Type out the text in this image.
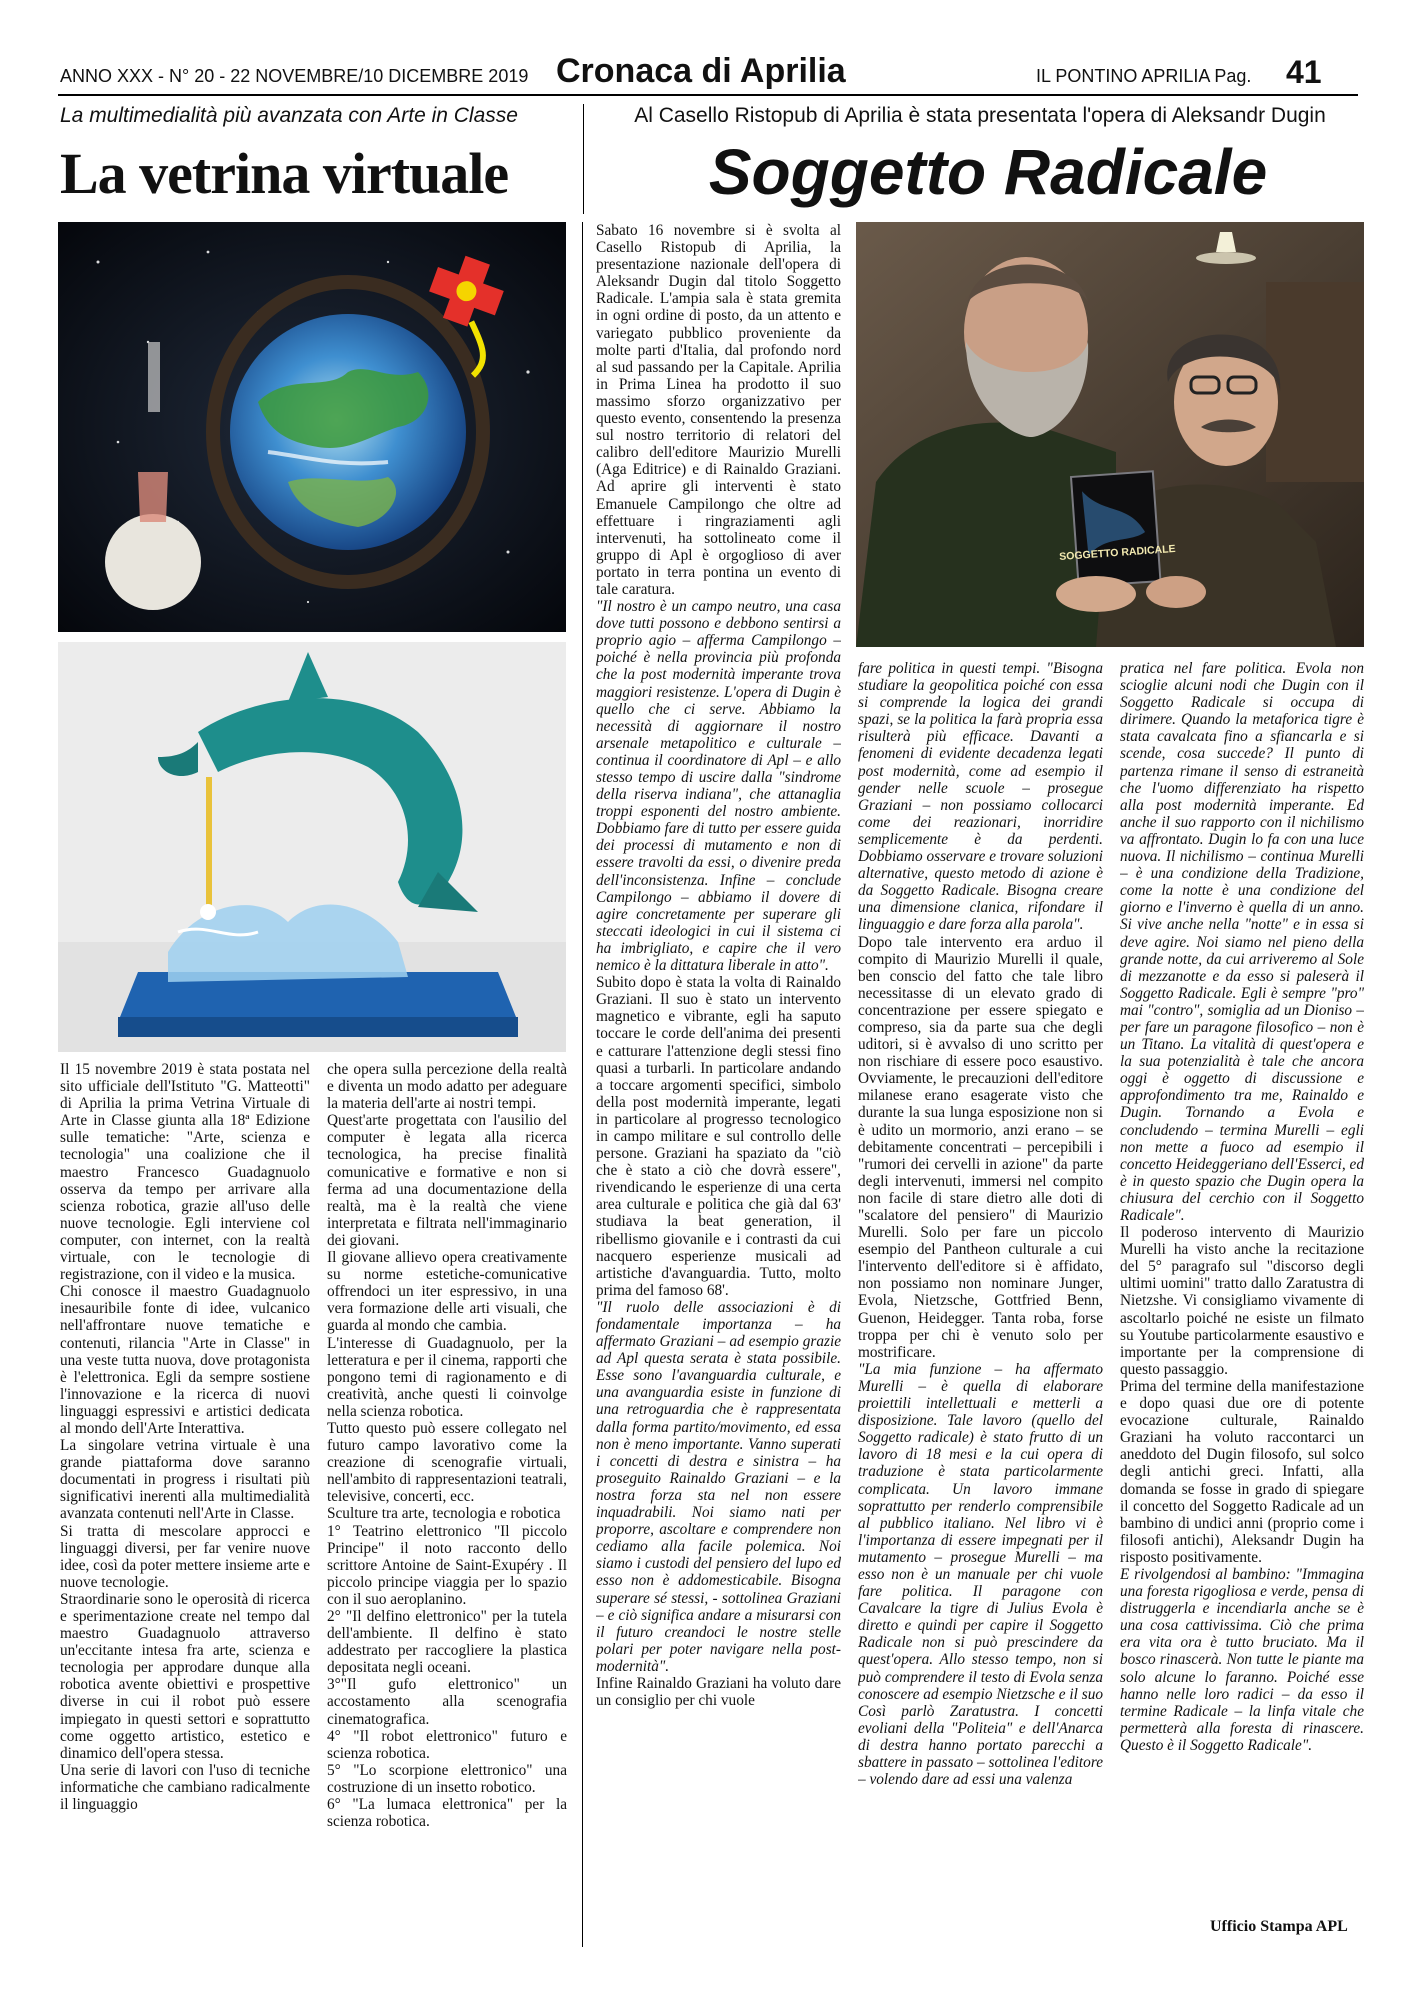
ANNO XXX - N° 20 - 22 NOVEMBRE/10 DICEMBRE 2019 Cronaca di Aprilia	IL PONTINO APRILIA Pag. 41
La multimedialità più avanzata con Arte in Classe	Al Casello Ristopub di Aprilia è stata presentata l'opera di Aleksandr Dugin
La vetrina virtuale	Soggetto Radicale
SOGGETTO RADICALE

Il 15 novembre 2019 è stata postata nel sito ufficiale dell'Istituto "G. Matteotti" di Aprilia la prima Vetrina Virtuale di Arte in Classe giunta alla 18ª Edizione sulle tematiche: "Arte, scienza e tecnologia" una coalizione che il maestro Francesco Guadagnuolo osserva da tempo per arrivare alla scienza robotica, grazie all'uso delle nuove tecnologie. Egli interviene col computer, con internet, con la realtà virtuale, con le tecnologie di registrazione, con il video e la musica.

Chi conosce il maestro Guadagnuolo inesauribile fonte di idee, vulcanico nell'affrontare nuove tematiche e contenuti, rilancia "Arte in Classe" in una veste tutta nuova, dove protagonista è l'elettronica. Egli da sempre sostiene l'innovazione e la ricerca di nuovi linguaggi espressivi e artistici dedicata al mondo dell'Arte Interattiva.

La singolare vetrina virtuale è una grande piattaforma dove saranno documentati in progress i risultati più significativi inerenti alla multimedialità avanzata contenuti nell'Arte in Classe.

Si tratta di mescolare approcci e linguaggi diversi, per far venire nuove idee, così da poter mettere insieme arte e nuove tecnologie.

Straordinarie sono le operosità di ricerca e sperimentazione create nel tempo dal maestro Guadagnuolo attraverso un'eccitante intesa fra arte, scienza e tecnologia per approdare dunque alla robotica avente obiettivi e prospettive diverse in cui il robot può essere impiegato in questi settori e soprattutto come oggetto artistico, estetico e dinamico dell'opera stessa.

Una serie di lavori con l'uso di tecniche informatiche che cambiano radicalmente il linguaggio

che opera sulla percezione della realtà e diventa un modo adatto per adeguare la materia dell'arte ai nostri tempi.

Quest'arte progettata con l'ausilio del computer è legata alla ricerca tecnologica, ha precise finalità comunicative e formative e non si ferma ad una documentazione della realtà, ma è la realtà che viene interpretata e filtrata nell'immaginario dei giovani.

Il giovane allievo opera creativamente su norme estetiche-comunicative offrendoci un iter espressivo, in una vera formazione delle arti visuali, che guarda al mondo che cambia.

L'interesse di Guadagnuolo, per la letteratura e per il cinema, rapporti che pongono temi di ragionamento e di creatività, anche questi li coinvolge nella scienza robotica.

Tutto questo può essere collegato nel futuro campo lavorativo come la creazione di scenografie virtuali, nell'ambito di rappresentazioni teatrali, televisive, concerti, ecc.

Sculture tra arte, tecnologia e robotica

1° Teatrino elettronico "Il piccolo Principe" il noto racconto dello scrittore Antoine de Saint-Exupéry . Il piccolo principe viaggia per lo spazio con il suo aeroplanino.

2° "Il delfino elettronico" per la tutela dell'ambiente. Il delfino è stato addestrato per raccogliere la plastica depositata negli oceani.

3°"Il gufo elettronico" un accostamento alla scenografia cinematografica.

4° "Il robot elettronico" futuro e scienza robotica.

5° "Lo scorpione elettronico" una costruzione di un insetto robotico.

6° "La lumaca elettronica" per la scienza robotica.

Sabato 16 novembre si è svolta al Casello Ristopub di Aprilia, la presentazione nazionale dell'opera di Aleksandr Dugin dal titolo Soggetto Radicale. L'ampia sala è stata gremita in ogni ordine di posto, da un attento e variegato pubblico proveniente da molte parti d'Italia, dal profondo nord al sud passando per la Capitale. Aprilia in Prima Linea ha prodotto il suo massimo sforzo organizzativo per questo evento, consentendo la presenza sul nostro territorio di relatori del calibro dell'editore Maurizio Murelli (Aga Editrice) e di Rainaldo Graziani. Ad aprire gli interventi è stato Emanuele Campilongo che oltre ad effettuare i ringraziamenti agli intervenuti, ha sottolineato come il gruppo di Apl è orgoglioso di aver portato in terra pontina un evento di tale caratura.

"Il nostro è un campo neutro, una casa dove tutti possono e debbono sentirsi a proprio agio – afferma Campilongo – poiché è nella provincia più profonda che la post modernità imperante trova maggiori resistenze. L'opera di Dugin è quello che ci serve. Abbiamo la necessità di aggiornare il nostro arsenale metapolitico e culturale – continua il coordinatore di Apl – e allo stesso tempo di uscire dalla "sindrome della riserva indiana", che attanaglia troppi esponenti del nostro ambiente. Dobbiamo fare di tutto per essere guida dei processi di mutamento e non di essere travolti da essi, o divenire preda dell'inconsistenza. Infine – conclude Campilongo – abbiamo il dovere di agire concretamente per superare gli steccati ideologici in cui il sistema ci ha imbrigliato, e capire che il vero nemico è la dittatura liberale in atto".

Subito dopo è stata la volta di Rainaldo Graziani. Il suo è stato un intervento magnetico e vibrante, egli ha saputo toccare le corde dell'anima dei presenti e catturare l'attenzione degli stessi fino quasi a turbarli. In particolare andando a toccare argomenti specifici, simbolo della post modernità imperante, legati in particolare al progresso tecnologico in campo militare e sul controllo delle persone. Graziani ha spaziato da "ciò che è stato a ciò che dovrà essere", rivendicando le esperienze di una certa area culturale e politica che già dal 63' studiava la beat generation, il ribellismo giovanile e i contrasti da cui nacquero esperienze musicali ad artistiche d'avanguardia. Tutto, molto prima del famoso 68'.

"Il ruolo delle associazioni è di fondamentale importanza – ha affermato Graziani – ad esempio grazie ad Apl questa serata è stata possibile. Esse sono l'avanguardia culturale, e una avanguardia esiste in funzione di una retroguardia che è rappresentata dalla forma partito/movimento, ed essa non è meno importante. Vanno superati i concetti di destra e sinistra – ha proseguito Rainaldo Graziani – e la nostra forza sta nel non essere inquadrabili. Noi siamo nati per proporre, ascoltare e comprendere non cediamo alla facile polemica. Noi siamo i custodi del pensiero del lupo ed esso non è addomesticabile. Bisogna superare sé stessi, - sottolinea Graziani – e ciò significa andare a misurarsi con il futuro creandoci le nostre stelle polari per poter navigare nella post-modernità".

Infine Rainaldo Graziani ha voluto dare un consiglio per chi vuole

fare politica in questi tempi. "Bisogna studiare la geopolitica poiché con essa si comprende la logica dei grandi spazi, se la politica la farà propria essa risulterà più efficace. Davanti a fenomeni di evidente decadenza legati post modernità, come ad esempio il gender nelle scuole – prosegue Graziani – non possiamo collocarci come dei reazionari, inorridire semplicemente è da perdenti. Dobbiamo osservare e trovare soluzioni alternative, questo metodo di azione è da Soggetto Radicale. Bisogna creare una dimensione clanica, rifondare il linguaggio e dare forza alla parola".

Dopo tale intervento era arduo il compito di Maurizio Murelli il quale, ben conscio del fatto che tale libro necessitasse di un elevato grado di concentrazione per essere spiegato e compreso, sia da parte sua che degli uditori, si è avvalso di uno scritto per non rischiare di essere poco esaustivo. Ovviamente, le precauzioni dell'editore milanese erano esagerate visto che durante la sua lunga esposizione non si è udito un mormorio, anzi erano – se debitamente concentrati – percepibili i "rumori dei cervelli in azione" da parte degli intervenuti, immersi nel compito non facile di stare dietro alle doti di "scalatore del pensiero" di Maurizio Murelli. Solo per fare un piccolo esempio del Pantheon culturale a cui l'intervento dell'editore si è affidato, non possiamo non nominare Junger, Evola, Nietzsche, Gottfried Benn, Guenon, Heidegger. Tanta roba, forse troppa per chi è venuto solo per mostrificare.

"La mia funzione – ha affermato Murelli – è quella di elaborare proiettili intellettuali e metterli a disposizione. Tale lavoro (quello del Soggetto radicale) è stato frutto di un lavoro di 18 mesi e la cui opera di traduzione è stata particolarmente complicata. Un lavoro immane soprattutto per renderlo comprensibile al pubblico italiano. Nel libro vi è l'importanza di essere impegnati per il mutamento – prosegue Murelli – ma esso non è un manuale per chi vuole fare politica. Il paragone con Cavalcare la tigre di Julius Evola è diretto e quindi per capire il Soggetto Radicale non si può prescindere da quest'opera. Allo stesso tempo, non si può comprendere il testo di Evola senza conoscere ad esempio Nietzsche e il suo Così parlò Zaratustra. I concetti evoliani della "Politeia" e dell'Anarca di destra hanno portato parecchi a sbattere in passato – sottolinea l'editore – volendo dare ad essi una valenza

pratica nel fare politica. Evola non scioglie alcuni nodi che Dugin con il Soggetto Radicale si occupa di dirimere. Quando la metaforica tigre è stata cavalcata fino a sfiancarla e si scende, cosa succede? Il punto di partenza rimane il senso di estraneità che l'uomo differenziato ha rispetto alla post modernità imperante. Ed anche il suo rapporto con il nichilismo va affrontato. Dugin lo fa con una luce nuova. Il nichilismo – continua Murelli – è una condizione della Tradizione, come la notte è una condizione del giorno e l'inverno è quella di un anno. Si vive anche nella "notte" e in essa si deve agire. Noi siamo nel pieno della grande notte, da cui arriveremo al Sole di mezzanotte e da esso si paleserà il Soggetto Radicale. Egli è sempre "pro" mai "contro", somiglia ad un Dioniso – per fare un paragone filosofico – non è un Titano. La vitalità di quest'opera e la sua potenzialità è tale che ancora oggi è oggetto di discussione e approfondimento tra me, Rainaldo e Dugin. Tornando a Evola e concludendo – termina Murelli – egli non mette a fuoco ad esempio il concetto Heideggeriano dell'Esserci, ed è in questo spazio che Dugin opera la chiusura del cerchio con il Soggetto Radicale".

Il poderoso intervento di Maurizio Murelli ha visto anche la recitazione del 5° paragrafo sul "discorso degli ultimi uomini" tratto dallo Zaratustra di Nietzshe. Vi consigliamo vivamente di ascoltarlo poiché ne esiste un filmato su Youtube particolarmente esaustivo e importante per la comprensione di questo passaggio.

Prima del termine della manifestazione e dopo quasi due ore di potente evocazione culturale, Rainaldo Graziani ha voluto raccontarci un aneddoto del Dugin filosofo, sul solco degli antichi greci. Infatti, alla domanda se fosse in grado di spiegare il concetto del Soggetto Radicale ad un bambino di undici anni (proprio come i filosofi antichi), Aleksandr Dugin ha risposto positivamente.

E rivolgendosi al bambino: "Immagina una foresta rigogliosa e verde, pensa di distruggerla e incendiarla anche se è una cosa cattivissima. Ciò che prima era vita ora è tutto bruciato. Ma il bosco rinascerà. Non tutte le piante ma solo alcune lo faranno. Poiché esse hanno nelle loro radici – da esso il termine Radicale – la linfa vitale che permetterà alla foresta di rinascere. Questo è il Soggetto Radicale".

Ufficio Stampa APL
